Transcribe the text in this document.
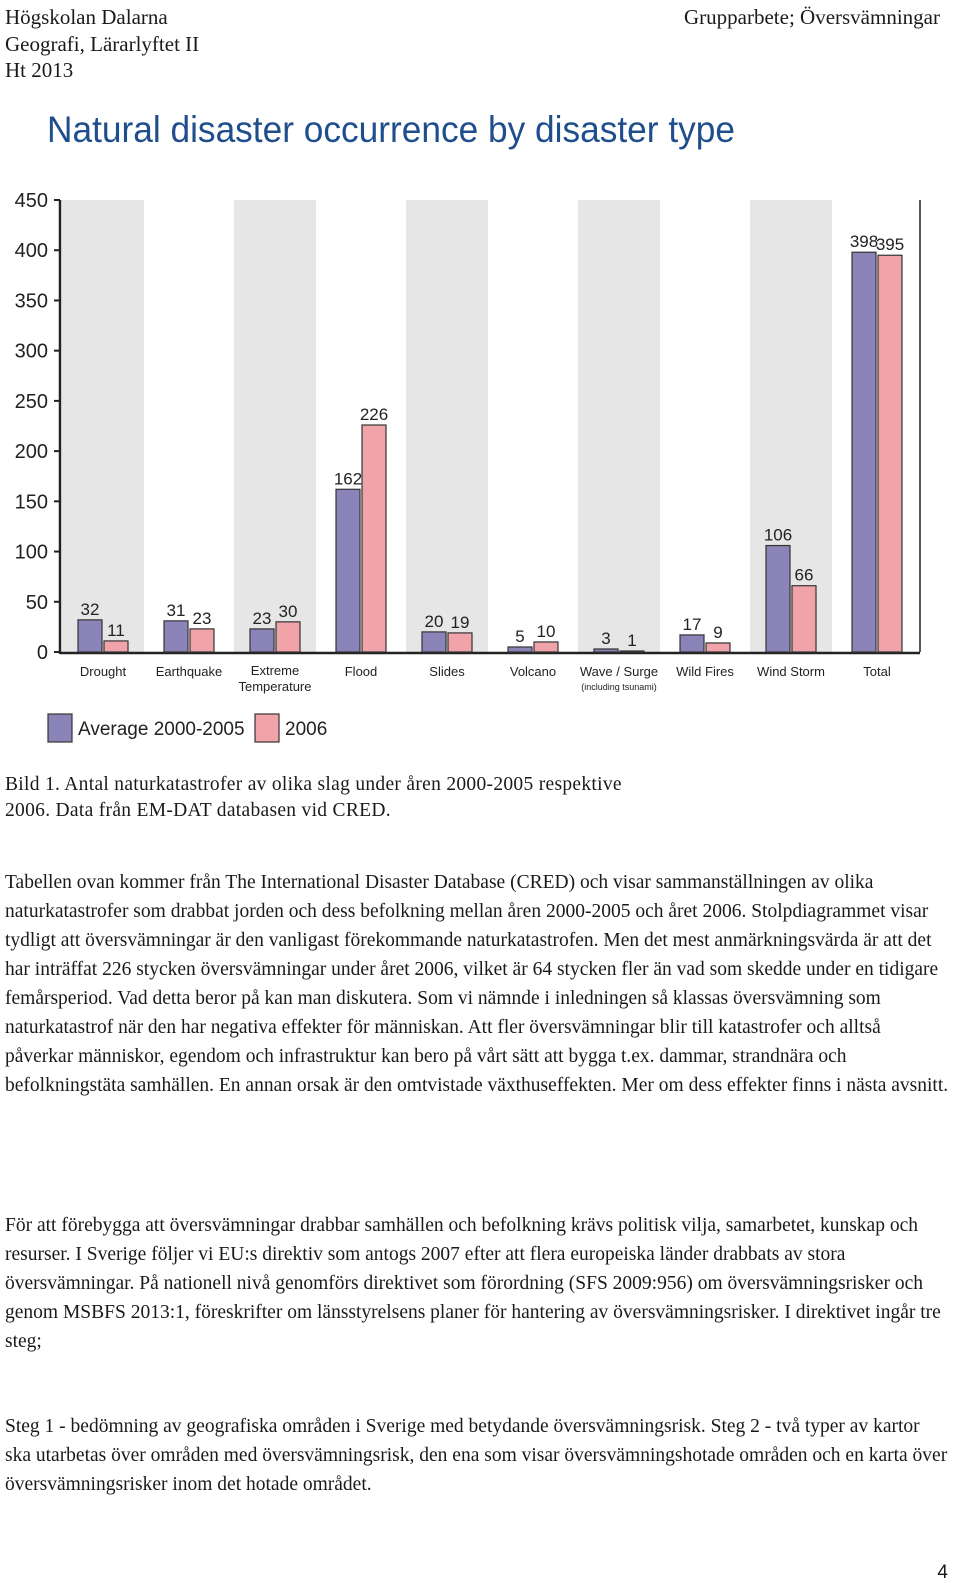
Högskolan Dalarna
Geografi, Lärarlyftet II
Ht 2013
Grupparbete; Översvämningar
Natural disaster occurrence by disaster type
0
50
100
150
200
250
300
350
400
450
32
11
31 23 23 30
162
226
20 19
5 10	3 1
17 9
106
66
398
395
Drought Earthquake Extreme
Temperature
Flood	Slides	Volcano Wave / Surge
(including tsunami)
Wild Fires Wind Storm	Total
Average 2000-2005 2006
Bild 1. Antal naturkatastrofer av olika slag under åren 2000-2005 respektive
2006. Data från EM-DAT databasen vid CRED.

Tabellen ovan kommer från The International Disaster Database (CRED) och visar sammanställningen av olika naturkatastrofer som drabbat jorden och dess befolkning mellan åren 2000-2005 och året 2006. Stolpdiagrammet visar tydligt att översvämningar är den vanligast förekommande naturkatastrofen. Men det mest anmärkningsvärda är att det har inträffat 226 stycken översvämningar under året 2006, vilket är 64 stycken fler än vad som skedde under en tidigare femårsperiod. Vad detta beror på kan man diskutera. Som vi nämnde i inledningen så klassas översvämning som naturkatastrof när den har negativa effekter för människan. Att fler översvämningar blir till katastrofer och alltså påverkar människor, egendom och infrastruktur kan bero på vårt sätt att bygga t.ex. dammar, strandnära och befolkningstäta samhällen. En annan orsak är den omtvistade växthuseffekten. Mer om dess effekter finns i nästa avsnitt.

För att förebygga att översvämningar drabbar samhällen och befolkning krävs politisk vilja, samarbetet, kunskap och resurser. I Sverige följer vi EU:s direktiv som antogs 2007 efter att flera europeiska länder drabbats av stora översvämningar. På nationell nivå genomförs direktivet som förordning (SFS 2009:956) om översvämningsrisker och genom MSBFS 2013:1, föreskrifter om länsstyrelsens planer för hantering av översvämningsrisker. I direktivet ingår tre steg;

Steg 1 - bedömning av geografiska områden i Sverige med betydande översvämningsrisk. Steg 2 - två typer av kartor ska utarbetas över områden med översvämningsrisk, den ena som visar översvämningshotade områden och en karta över översvämningsrisker inom det hotade området.

4
